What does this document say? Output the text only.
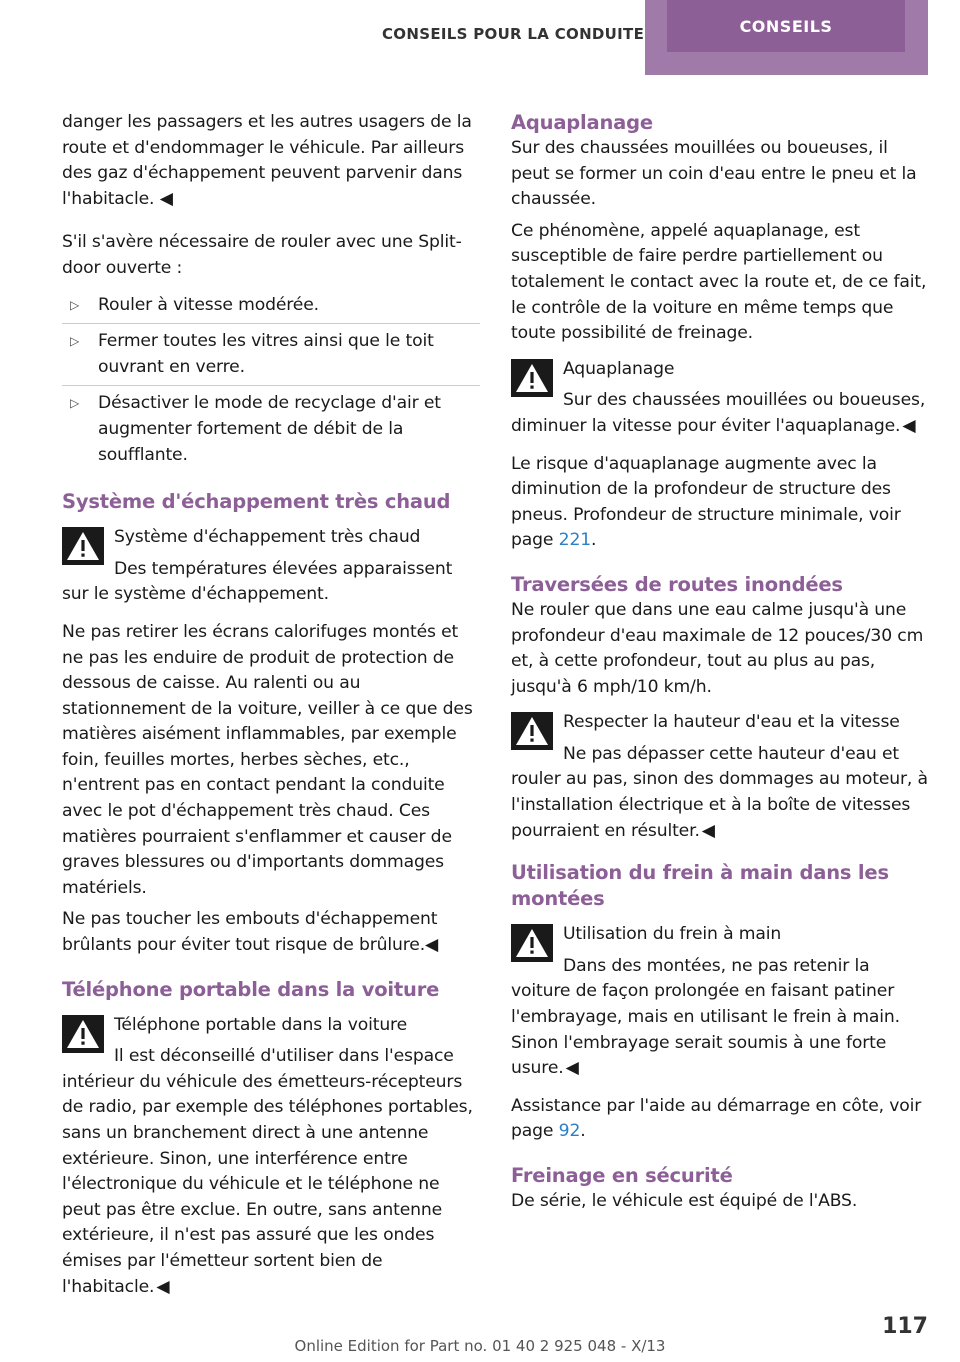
CONSEILS POUR LA CONDUITE	CONSEILS

danger les passagers et les autres usagers de la route et d'endommager le véhicule. Par ailleurs des gaz d'échappement peuvent parvenir dans l'habitacle. ◀

S'il s'avère nécessaire de rouler avec une Split-door ouverte :

▷ Rouler à vitesse modérée.
▷ Fermer toutes les vitres ainsi que le toit ouvrant en verre.
▷ Désactiver le mode de recyclage d'air et augmenter fortement de débit de la soufflante.
Système d'échappement très chaud

Système d'échappement très chaud

Des températures élevées apparaissent sur le système d'échappement.

Ne pas retirer les écrans calorifuges montés et ne pas les enduire de produit de protection de dessous de caisse. Au ralenti ou au stationnement de la voiture, veiller à ce que des matières aisément inflammables, par exemple foin, feuilles mortes, herbes sèches, etc., n'entrent pas en contact pendant la conduite avec le pot d'échappement très chaud. Ces matières pourraient s'enflammer et causer de graves blessures ou d'importants dommages matériels.

Ne pas toucher les embouts d'échappement brûlants pour éviter tout risque de brûlure.◀

Téléphone portable dans la voiture

Téléphone portable dans la voiture

Il est déconseillé d'utiliser dans l'espace intérieur du véhicule des émetteurs-récepteurs de radio, par exemple des téléphones portables, sans un branchement direct à une antenne extérieure. Sinon, une interférence entre l'électronique du véhicule et le téléphone ne peut pas être exclue. En outre, sans antenne extérieure, il n'est pas assuré que les ondes émises par l'émetteur sortent bien de l'habitacle. ◀

Aquaplanage

Sur des chaussées mouillées ou boueuses, il peut se former un coin d'eau entre le pneu et la chaussée.

Ce phénomène, appelé aquaplanage, est susceptible de faire perdre partiellement ou totalement le contact avec la route et, de ce fait, le contrôle de la voiture en même temps que toute possibilité de freinage.

Aquaplanage

Sur des chaussées mouillées ou boueuses, diminuer la vitesse pour éviter l'aquaplanage. ◀

Le risque d'aquaplanage augmente avec la diminution de la profondeur de structure des pneus. Profondeur de structure minimale, voir page 221.

Traversées de routes inondées

Ne rouler que dans une eau calme jusqu'à une profondeur d'eau maximale de 12 pouces/30 cm et, à cette profondeur, tout au plus au pas, jusqu'à 6 mph/10 km/h.

Respecter la hauteur d'eau et la vitesse

Ne pas dépasser cette hauteur d'eau et rouler au pas, sinon des dommages au moteur, à l'installation électrique et à la boîte de vitesses pourraient en résulter. ◀

Utilisation du frein à main dans les montées

Utilisation du frein à main

Dans des montées, ne pas retenir la voiture de façon prolongée en faisant patiner l'embrayage, mais en utilisant le frein à main. Sinon l'embrayage serait soumis à une forte usure. ◀

Assistance par l'aide au démarrage en côte, voir page 92.

Freinage en sécurité

De série, le véhicule est équipé de l'ABS.

117
Online Edition for Part no. 01 40 2 925 048 - X/13
